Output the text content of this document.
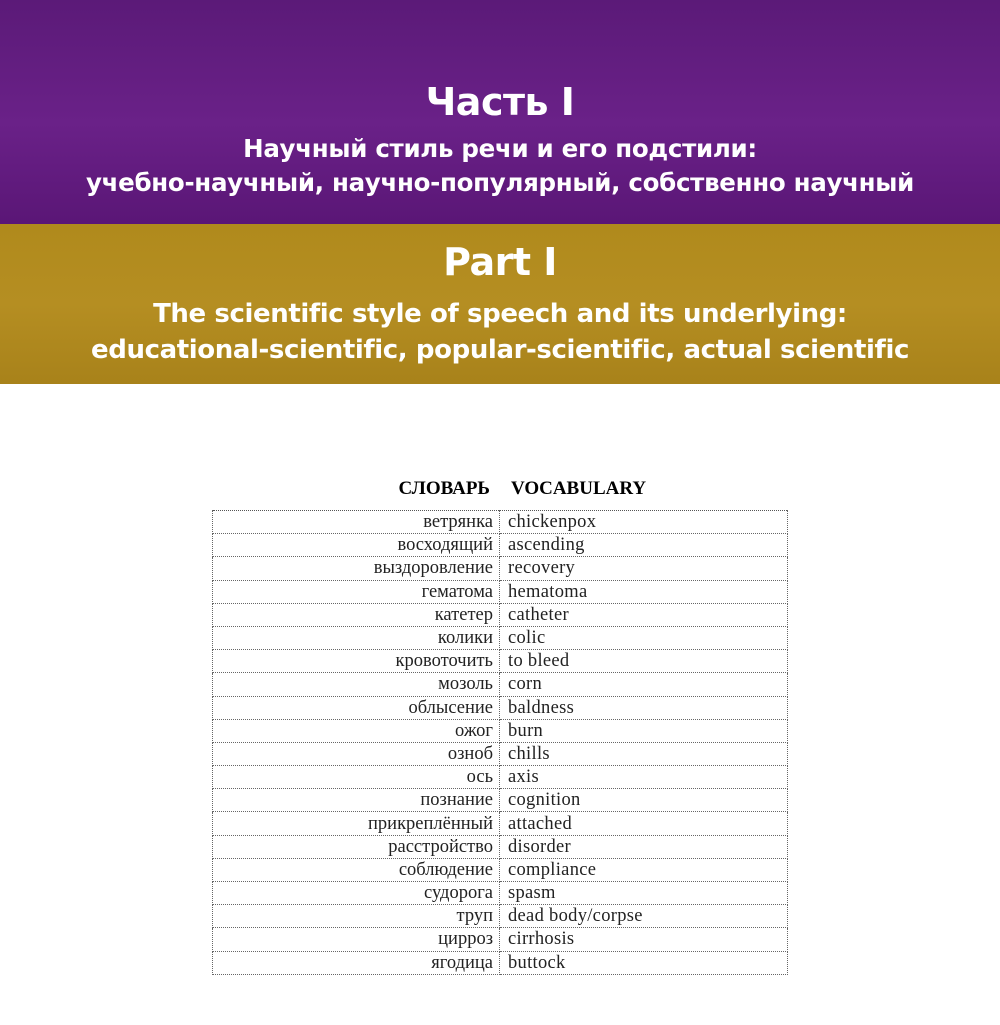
Часть I
Научный стиль речи и его подстили:
учебно-научный, научно-популярный, собственно научный
Part I
The scientific style of speech and its underlying:
educational-scientific, popular-scientific, actual scientific
СЛОВАРЬ VOCABULARY
ветрянка	chickenpox
восходящий	ascending
выздоровление	recovery
гематома	hematoma
катетер	catheter
колики	colic
кровоточить	to bleed
мозоль	corn
облысение	baldness
ожог	burn
озноб	chills
ось	axis
познание	cognition
прикреплённый	attached
расстройство	disorder
соблюдение	compliance
судорога	spasm
труп	dead body/corpse
цирроз	cirrhosis
ягодица	buttock
